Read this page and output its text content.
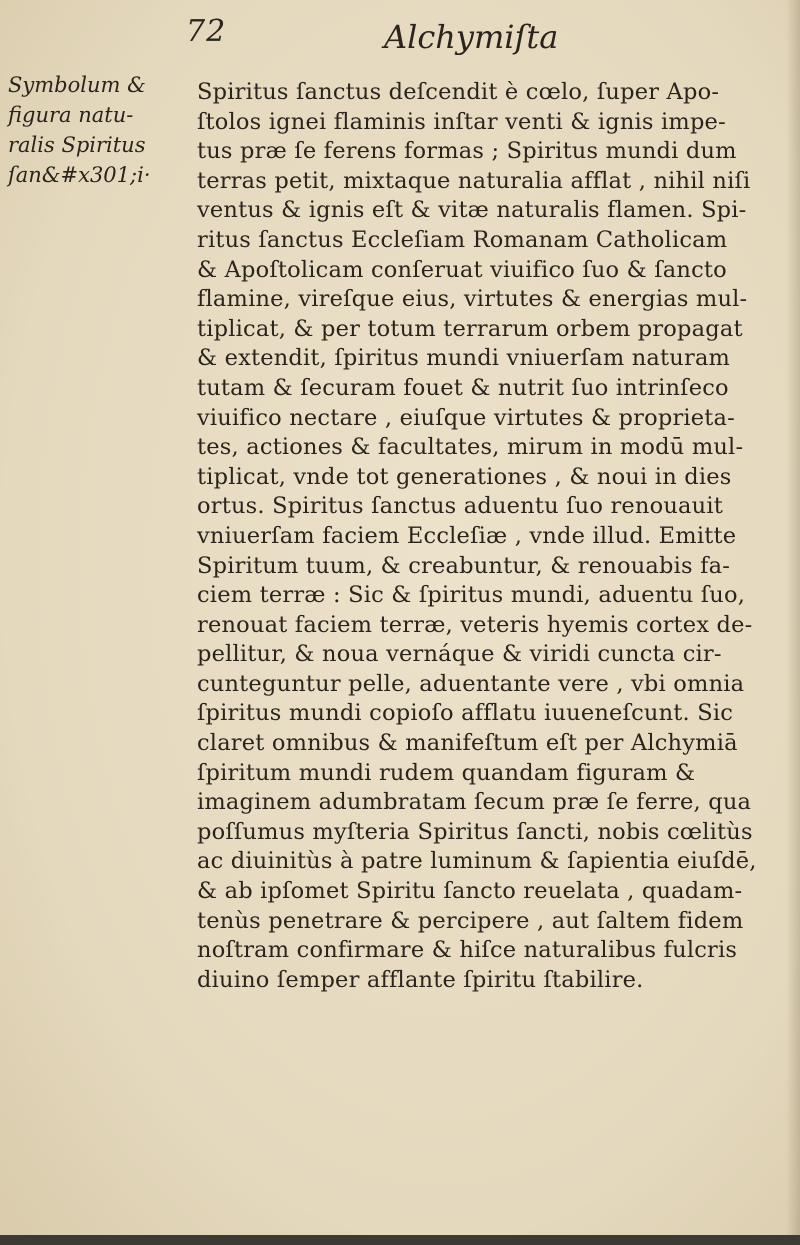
72	Alchymiſta
Symbolum &
figura natu-
ralis Spiritus
ſan&#x301;i·
Spiritus ſanctus deſcendit è cœlo, ſuper Apo-
ſtolos ignei flaminis inſtar venti & ignis impe-
tus præ ſe ferens formas ; Spiritus mundi dum
terras petit, mixtaque naturalia afflat , nihil niſi
ventus & ignis eſt & vitæ naturalis flamen. Spi-
ritus ſanctus Eccleſiam Romanam Catholicam
& Apoſtolicam conſeruat viuifico ſuo & ſancto
flamine, vireſque eius, virtutes & energias mul-
tiplicat, & per totum terrarum orbem propagat
& extendit, ſpiritus mundi vniuerſam naturam
tutam & ſecuram fouet & nutrit ſuo intrinſeco
viuifico nectare , eiuſque virtutes & proprieta-
tes, actiones & facultates, mirum in modū mul-
tiplicat, vnde tot generationes , & noui in dies
ortus. Spiritus ſanctus aduentu ſuo renouauit
vniuerſam faciem Eccleſiæ , vnde illud. Emitte
Spiritum tuum, & creabuntur, & renouabis fa-
ciem terræ : Sic & ſpiritus mundi, aduentu ſuo,
renouat faciem terræ, veteris hyemis cortex de-
pellitur, & noua vernáque & viridi cuncta cir-
cunteguntur pelle, aduentante vere , vbi omnia
ſpiritus mundi copioſo afflatu iuueneſcunt. Sic
claret omnibus & manifeſtum eſt per Alchymiā
ſpiritum mundi rudem quandam figuram &
imaginem adumbratam ſecum præ ſe ferre, qua
poſſumus myſteria Spiritus ſancti, nobis cœlitùs
ac diuinitùs à patre luminum & ſapientia eiuſdē,
& ab ipſomet Spiritu ſancto reuelata , quadam-
tenùs penetrare & percipere , aut ſaltem fidem
noſtram confirmare & hiſce naturalibus fulcris
diuino ſemper afflante ſpiritu ſtabilire.
